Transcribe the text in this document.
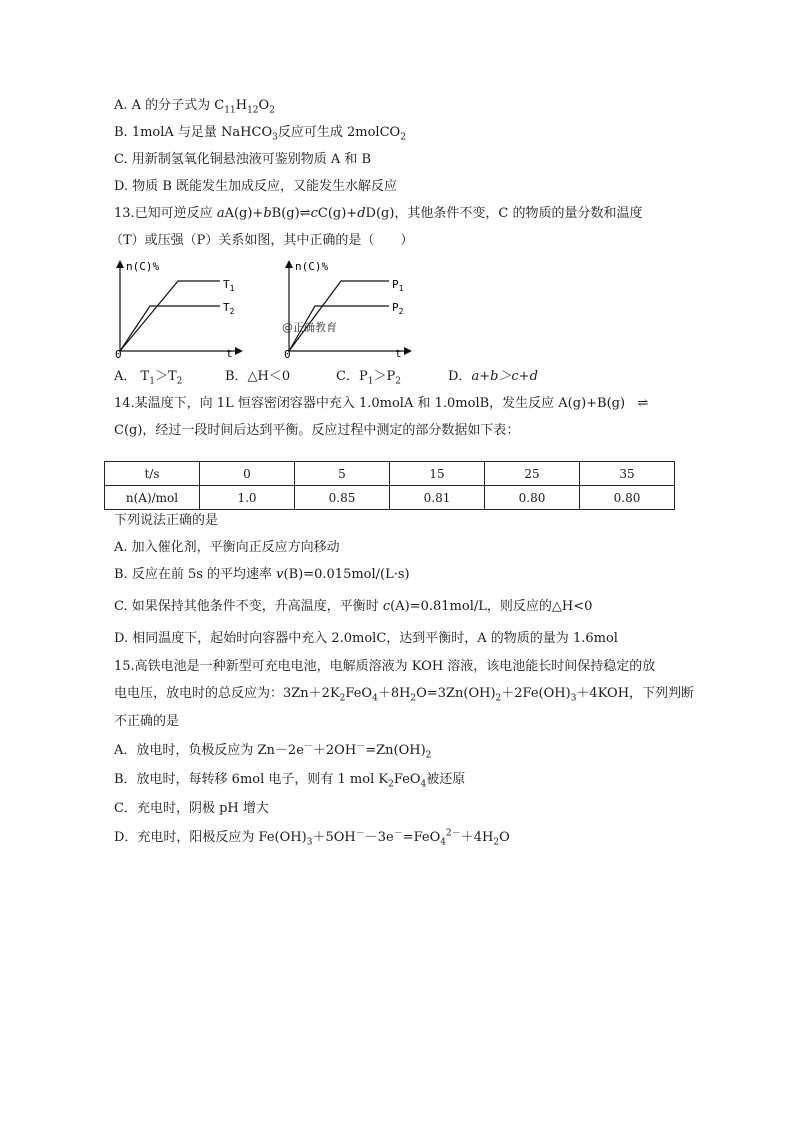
A. A 的分子式为 $C_{11}H_{12}O_2$
B. 1molA 与足量 NaHCO$_3$反应可生成 2molCO$_2$
C. 用新制氢氧化铜悬浊液可鉴别物质 A 和 B
D. 物质 B 既能发生加成反应，又能发生水解反应
13.已知可逆反应 aA(g)+bB(g)⇌cC(g)+dD(g)，其他条件不变，C 的物质的量分数和温度
（T）或压强（P）关系如图，其中正确的是（　　）
n(C)%
0	t
$T_1$
$T_2$
n(C)%
0	t
$P_1$
$P_2$
@正确教育
A． $T_1>T_2$	B．△H＜0	C．$P_1>P_2$	D．a+b＞c+d
14.某温度下，向 1L 恒容密闭容器中充入 1.0molA 和 1.0molB，发生反应 A(g)+B(g) ⇌
C(g)，经过一段时间后达到平衡。反应过程中测定的部分数据如下表：
t/s	0	5	15	25	35
n(A)/mol	1.0	0.85	0.81	0.80	0.80
下列说法正确的是
A. 加入催化剂，平衡向正反应方向移动
B. 反应在前 5s 的平均速率 v(B)=0.015mol/(L·s)
C. 如果保持其他条件不变，升高温度，平衡时 c(A)=0.81mol/L，则反应的△H<0
D. 相同温度下，起始时向容器中充入 2.0molC，达到平衡时，A 的物质的量为 1.6mol
15.高铁电池是一种新型可充电电池，电解质溶液为 KOH 溶液，该电池能长时间保持稳定的放
电电压，放电时的总反应为：$3Zn+2K_2FeO_4+8H_2O=3Zn(OH)_2+2Fe(OH)_3+4KOH$，下列判断
不正确的是
A．放电时，负极反应为 $Zn-2e^-+2OH^-=Zn(OH)_2$
B．放电时，每转移 6mol 电子，则有 1 mol $K_2FeO_4$被还原
C．充电时，阴极 pH 增大
D．充电时，阳极反应为 $Fe(OH)_3+5OH^--3e^-=FeO_4^{2-}+4H_2O$
